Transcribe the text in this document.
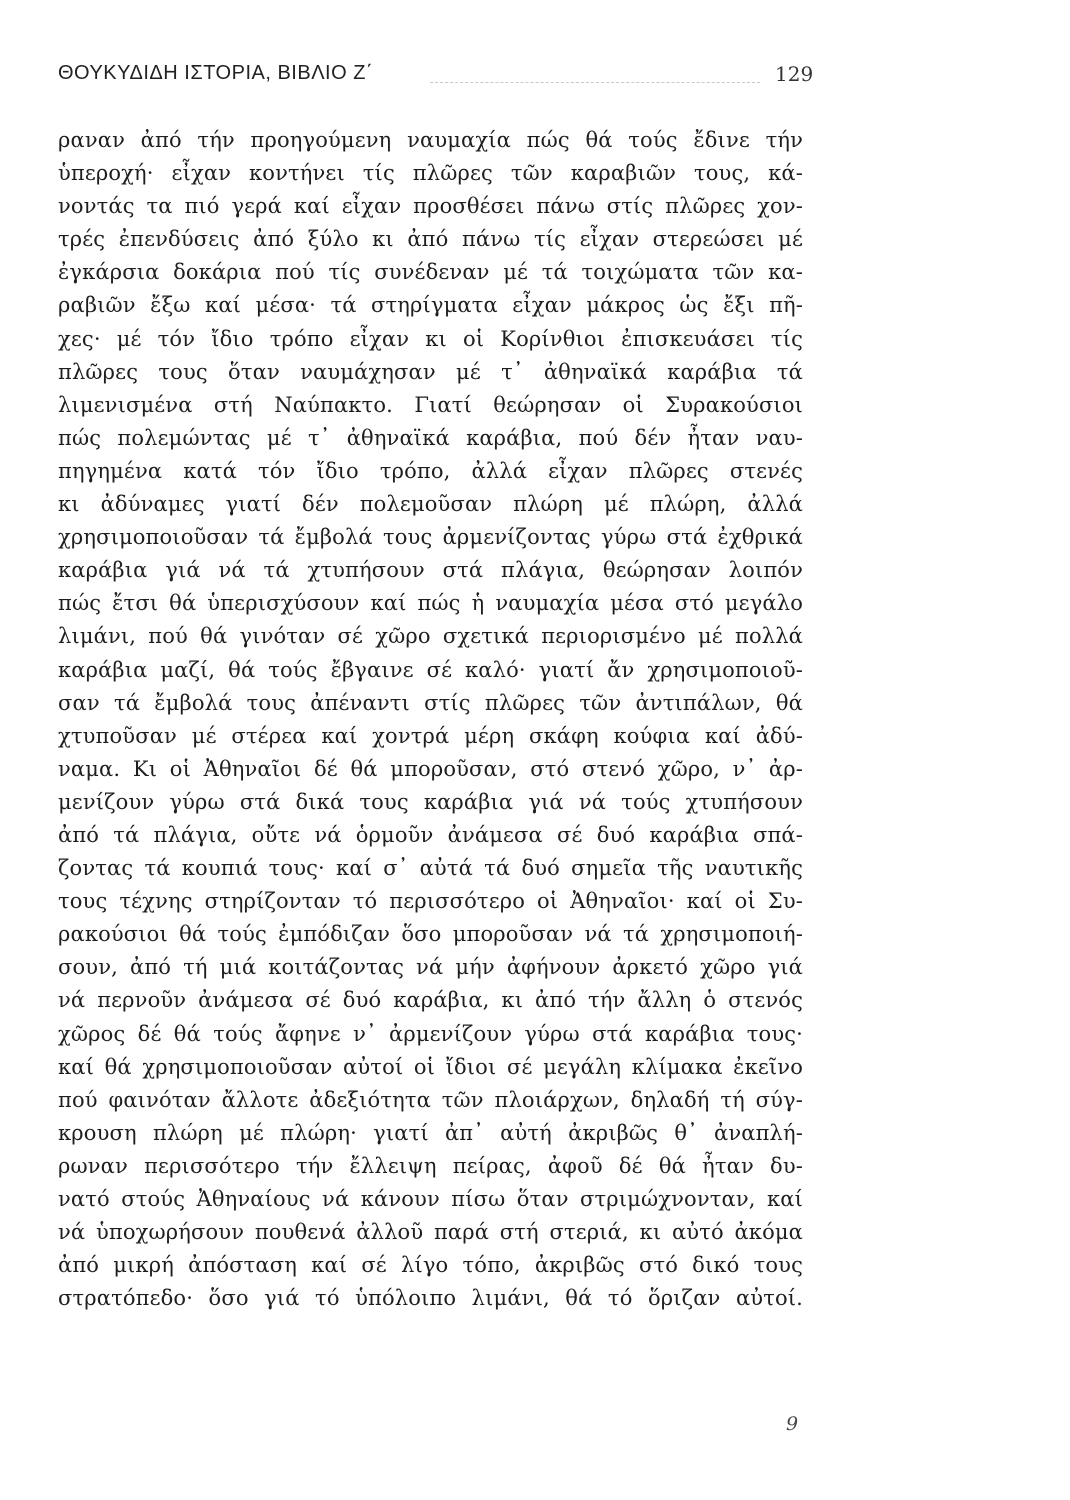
ΘΟΥΚΥΔΙΔΗ ΙΣΤΟΡΙΑ, ΒΙΒΛΙΟ Ζ΄	129
ραναν ἀπό τήν προηγούμενη ναυμαχία πώς θά τούς ἔδινε τήν
ὑπεροχή· εἶχαν κοντήνει τίς πλῶρες τῶν καραβιῶν τους, κά-
νοντάς τα πιό γερά καί εἶχαν προσθέσει πάνω στίς πλῶρες χον-
τρές ἐπενδύσεις ἀπό ξύλο κι ἀπό πάνω τίς εἶχαν στερεώσει μέ
ἐγκάρσια δοκάρια πού τίς συνέδεναν μέ τά τοιχώματα τῶν κα-
ραβιῶν ἔξω καί μέσα· τά στηρίγματα εἶχαν μάκρος ὡς ἔξι πῆ-
χες· μέ τόν ἴδιο τρόπο εἶχαν κι οἱ Κορίνθιοι ἐπισκευάσει τίς
πλῶρες τους ὅταν ναυμάχησαν μέ τ᾽ ἀθηναϊκά καράβια τά
λιμενισμένα στή Ναύπακτο. Γιατί θεώρησαν οἱ Συρακούσιοι
πώς πολεμώντας μέ τ᾽ ἀθηναϊκά καράβια, πού δέν ἦταν ναυ-
πηγημένα κατά τόν ἴδιο τρόπο, ἀλλά εἶχαν πλῶρες στενές
κι ἀδύναμες γιατί δέν πολεμοῦσαν πλώρη μέ πλώρη, ἀλλά
χρησιμοποιοῦσαν τά ἔμβολά τους ἀρμενίζοντας γύρω στά ἐχθρικά
καράβια γιά νά τά χτυπήσουν στά πλάγια, θεώρησαν λοιπόν
πώς ἔτσι θά ὑπερισχύσουν καί πώς ἡ ναυμαχία μέσα στό μεγάλο
λιμάνι, πού θά γινόταν σέ χῶρο σχετικά περιορισμένο μέ πολλά
καράβια μαζί, θά τούς ἔβγαινε σέ καλό· γιατί ἄν χρησιμοποιοῦ-
σαν τά ἔμβολά τους ἀπέναντι στίς πλῶρες τῶν ἀντιπάλων, θά
χτυποῦσαν μέ στέρεα καί χοντρά μέρη σκάφη κούφια καί ἀδύ-
ναμα. Κι οἱ Ἀθηναῖοι δέ θά μποροῦσαν, στό στενό χῶρο, ν᾽ ἀρ-
μενίζουν γύρω στά δικά τους καράβια γιά νά τούς χτυπήσουν
ἀπό τά πλάγια, οὔτε νά ὁρμοῦν ἀνάμεσα σέ δυό καράβια σπά-
ζοντας τά κουπιά τους· καί σ᾽ αὐτά τά δυό σημεῖα τῆς ναυτικῆς
τους τέχνης στηρίζονταν τό περισσότερο οἱ Ἀθηναῖοι· καί οἱ Συ-
ρακούσιοι θά τούς ἐμπόδιζαν ὅσο μποροῦσαν νά τά χρησιμοποιή-
σουν, ἀπό τή μιά κοιτάζοντας νά μήν ἀφήνουν ἀρκετό χῶρο γιά
νά περνοῦν ἀνάμεσα σέ δυό καράβια, κι ἀπό τήν ἄλλη ὁ στενός
χῶρος δέ θά τούς ἄφηνε ν᾽ ἀρμενίζουν γύρω στά καράβια τους·
καί θά χρησιμοποιοῦσαν αὐτοί οἱ ἴδιοι σέ μεγάλη κλίμακα ἐκεῖνο
πού φαινόταν ἄλλοτε ἀδεξιότητα τῶν πλοιάρχων, δηλαδή τή σύγ-
κρουση πλώρη μέ πλώρη· γιατί ἀπ᾽ αὐτή ἀκριβῶς θ᾽ ἀναπλή-
ρωναν περισσότερο τήν ἔλλειψη πείρας, ἀφοῦ δέ θά ἦταν δυ-
νατό στούς Ἀθηναίους νά κάνουν πίσω ὅταν στριμώχνονταν, καί
νά ὑποχωρήσουν πουθενά ἀλλοῦ παρά στή στεριά, κι αὐτό ἀκόμα
ἀπό μικρή ἀπόσταση καί σέ λίγο τόπο, ἀκριβῶς στό δικό τους
στρατόπεδο· ὅσο γιά τό ὑπόλοιπο λιμάνι, θά τό ὅριζαν αὐτοί.
9
